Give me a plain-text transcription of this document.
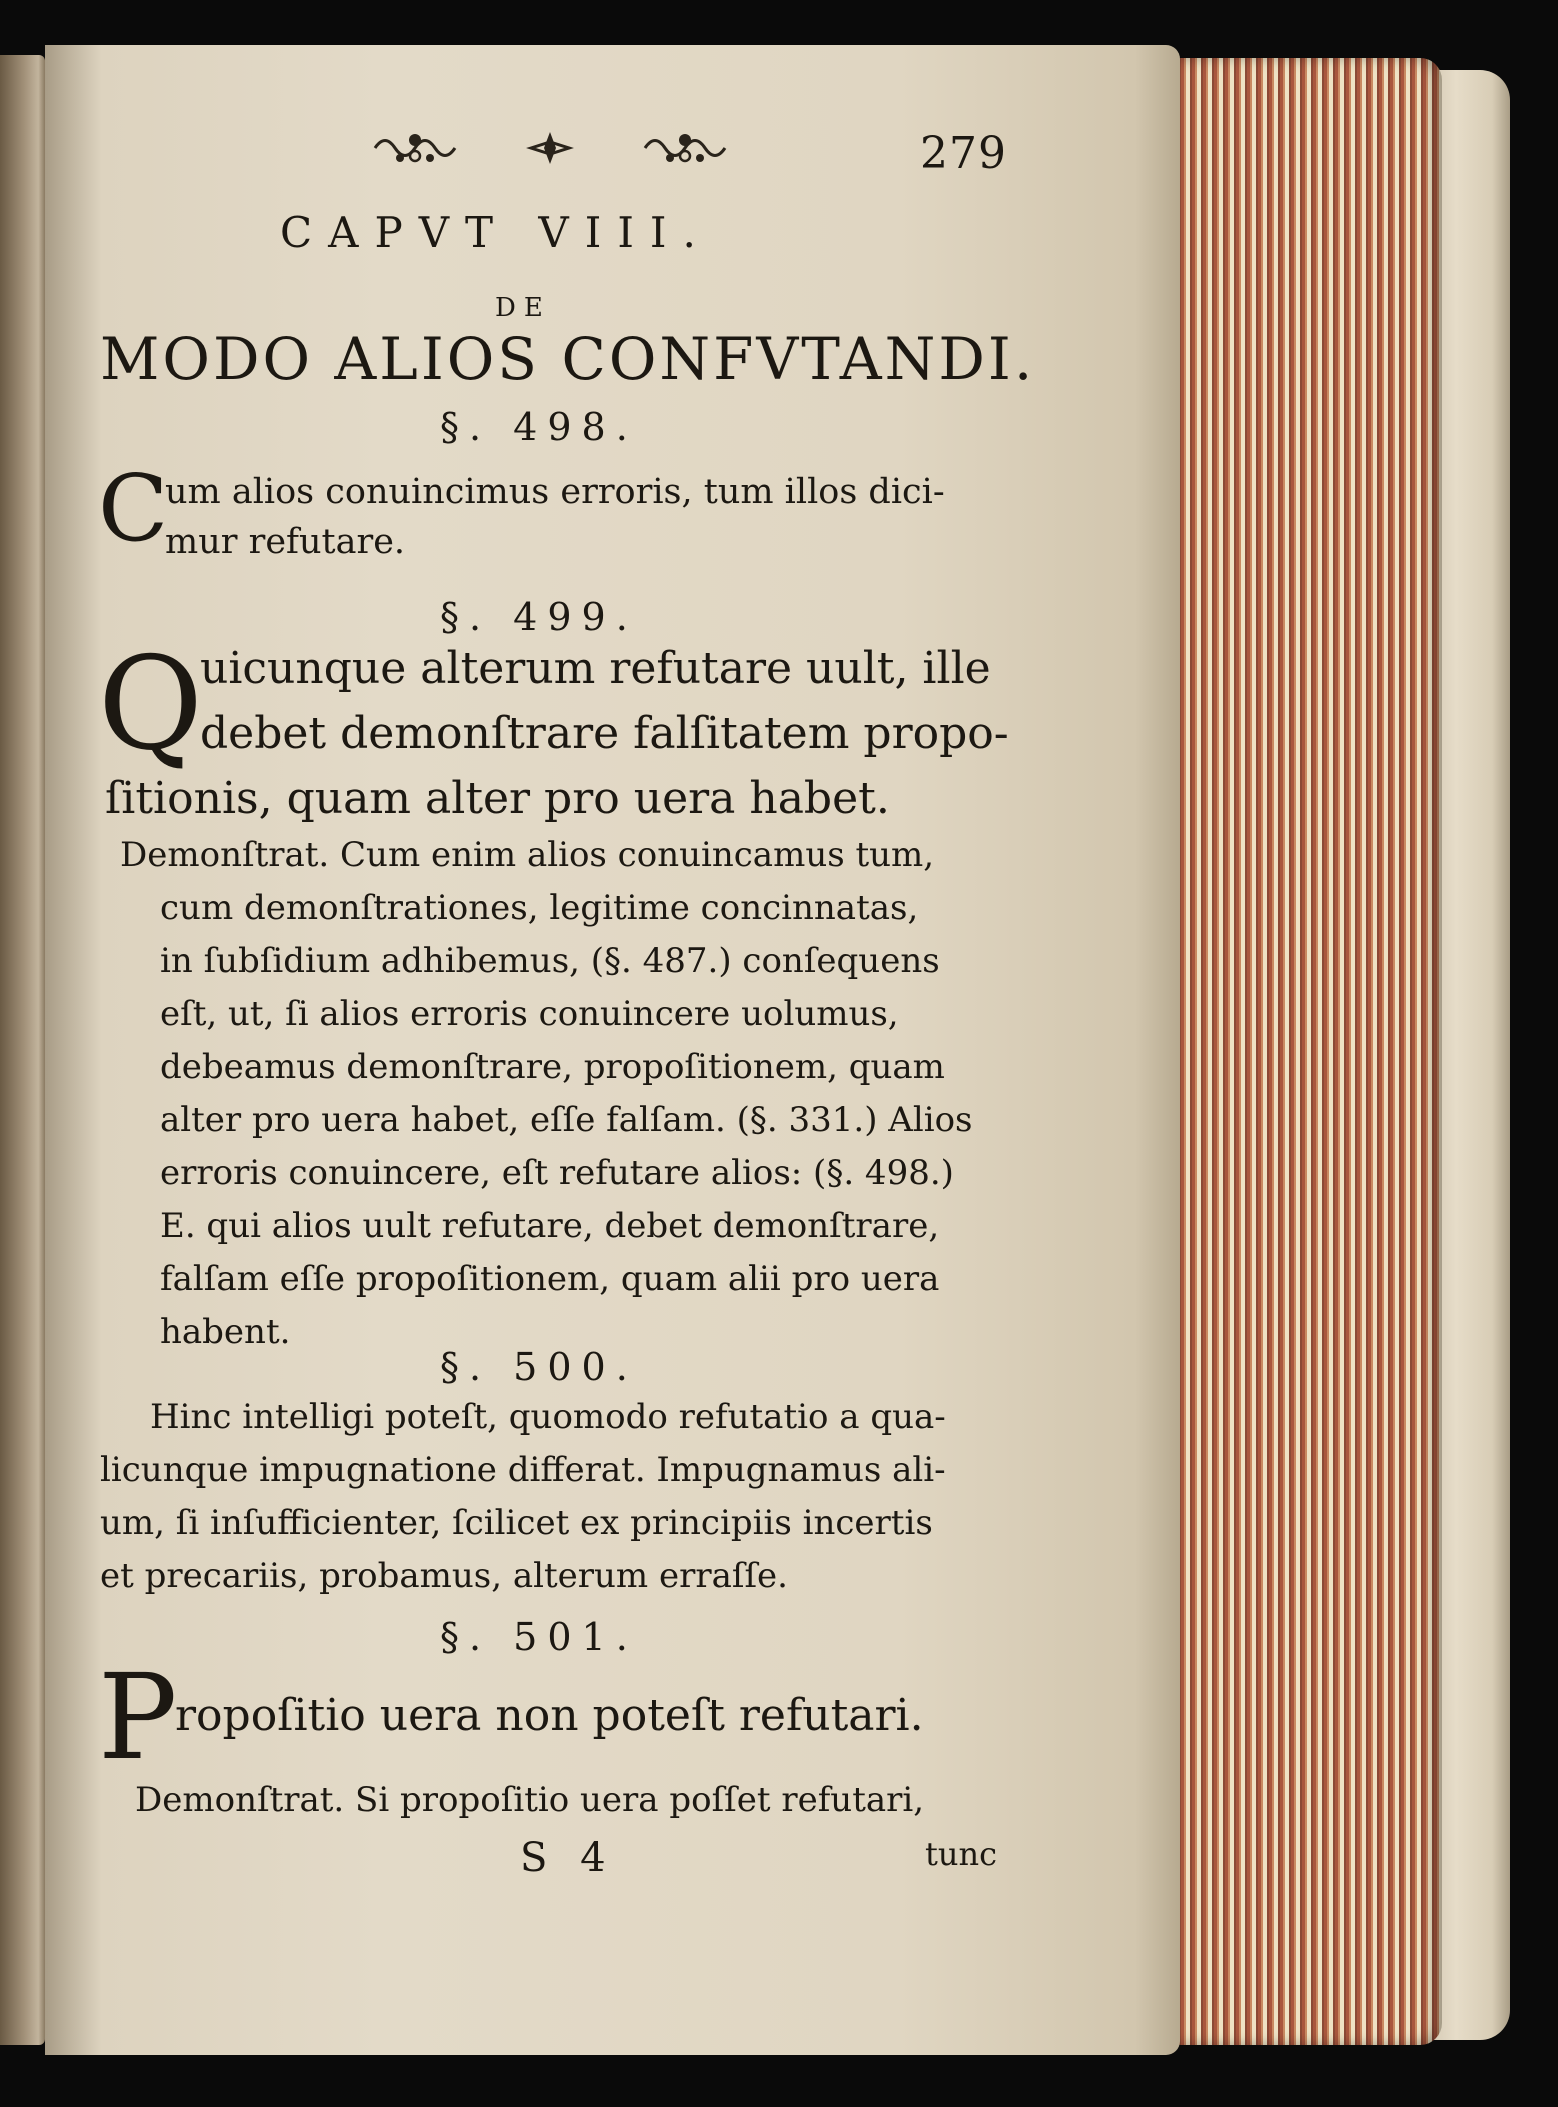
279
CAPVT VIII.
DE
MODO ALIOS CONFVTANDI.
§. 498.
C
um alios conuincimus erroris, tum illos dici-
mur refutare.
§. 499.
Q
uicunque alterum refutare uult, ille
debet demonſtrare falſitatem propo-
ſitionis, quam alter pro uera habet.
Demonſtrat. Cum enim alios conuincamus tum,
cum demonſtrationes, legitime concinnatas,
in ſubſidium adhibemus, (§. 487.) conſequens
eſt, ut, ſi alios erroris conuincere uolumus,
debeamus demonſtrare, propoſitionem, quam
alter pro uera habet, eſſe falſam. (§. 331.) Alios
erroris conuincere, eſt refutare alios: (§. 498.)
E. qui alios uult refutare, debet demonſtrare,
falſam eſſe propoſitionem, quam alii pro uera
habent.
§. 500.
Hinc intelligi poteſt, quomodo refutatio a qua-
licunque impugnatione differat. Impugnamus ali-
um, ſi inſufficienter, ſcilicet ex principiis incertis
et precariis, probamus, alterum erraſſe.
§. 501.
P
ropoſitio uera non poteſt refutari.
Demonſtrat. Si propoſitio uera poſſet refutari,
S 4	tunc
